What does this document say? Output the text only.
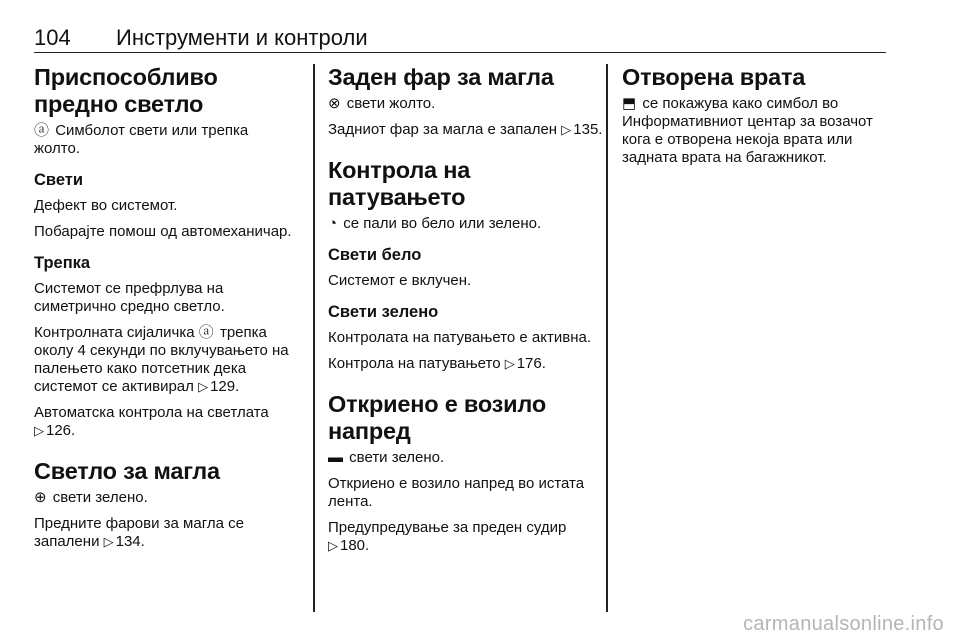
104 Инструменти и контроли
Приспособливо предно светло

ⓐ Симболот свети или трепка жолто.

Свети

Дефект во системот.

Побарајте помош од автомеханичар.

Трепка

Системот се префрлува на симетрично средно светло.

Контролната сијаличка ⓐ трепка околу 4 секунди по вклучувањето на палењето како потсетник дека системот се активирал ▷ 129.

Автоматска контрола на светлата ▷ 126.

Светло за магла

⊕ свети зелено.

Предните фарови за магла се запалени ▷ 134.

Заден фар за магла

⊗ свети жолто.

Задниот фар за магла е запален ▷ 135.

Контрола на патувањето

◔ се пали во бело или зелено.

Свети бело

Системот е вклучен.

Свети зелено

Контролата на патувањето е активна.

Контрола на патувањето ▷ 176.

Откриено е возило напред

▬ свети зелено.

Откриено е возило напред во истата лента.

Предупредување за преден судир ▷ 180.

Отворена врата

⬒ се покажува како симбол во Информативниот центар за возачот кога е отворена некоја врата или задната врата на багажникот.

carmanualsonline.info
